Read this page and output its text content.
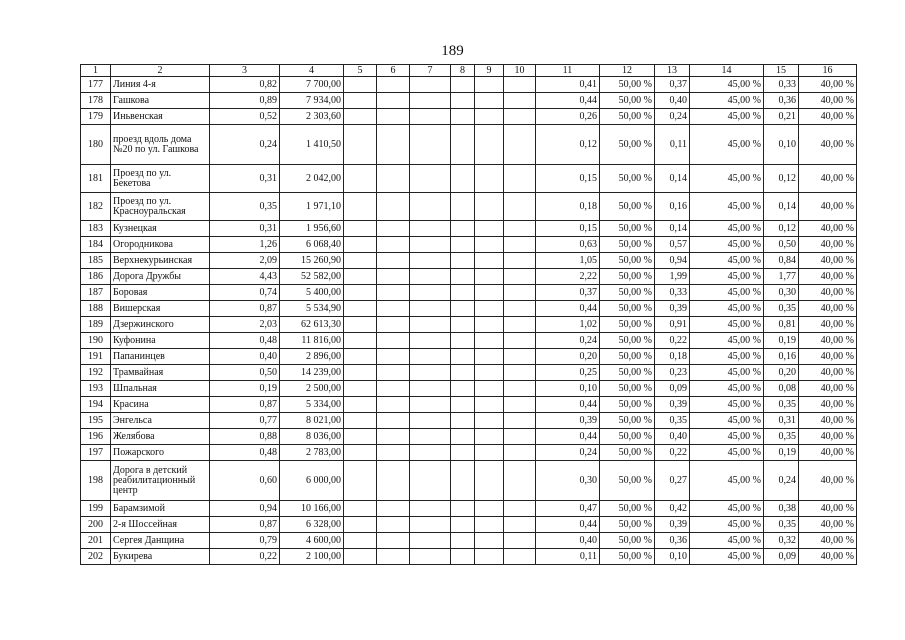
189
1	2	3	4	5	6	7	8	9	10	11	12	13	14	15	16
177	Линия 4-я	0,82	7 700,00							0,41	50,00 %	0,37	45,00 %	0,33	40,00 %
178	Гашкова	0,89	7 934,00							0,44	50,00 %	0,40	45,00 %	0,36	40,00 %
179	Иньвенская	0,52	2 303,60							0,26	50,00 %	0,24	45,00 %	0,21	40,00 %
180	проезд вдоль дома №20 по ул. Гашкова	0,24	1 410,50							0,12	50,00 %	0,11	45,00 %	0,10	40,00 %
181	Проезд по ул. Бекетова	0,31	2 042,00							0,15	50,00 %	0,14	45,00 %	0,12	40,00 %
182	Проезд по ул. Красноуральская	0,35	1 971,10							0,18	50,00 %	0,16	45,00 %	0,14	40,00 %
183	Кузнецкая	0,31	1 956,60							0,15	50,00 %	0,14	45,00 %	0,12	40,00 %
184	Огородникова	1,26	6 068,40							0,63	50,00 %	0,57	45,00 %	0,50	40,00 %
185	Верхнекурьинская	2,09	15 260,90							1,05	50,00 %	0,94	45,00 %	0,84	40,00 %
186	Дорога Дружбы	4,43	52 582,00							2,22	50,00 %	1,99	45,00 %	1,77	40,00 %
187	Боровая	0,74	5 400,00							0,37	50,00 %	0,33	45,00 %	0,30	40,00 %
188	Вишерская	0,87	5 534,90							0,44	50,00 %	0,39	45,00 %	0,35	40,00 %
189	Дзержинского	2,03	62 613,30							1,02	50,00 %	0,91	45,00 %	0,81	40,00 %
190	Куфонина	0,48	11 816,00							0,24	50,00 %	0,22	45,00 %	0,19	40,00 %
191	Папанинцев	0,40	2 896,00							0,20	50,00 %	0,18	45,00 %	0,16	40,00 %
192	Трамвайная	0,50	14 239,00							0,25	50,00 %	0,23	45,00 %	0,20	40,00 %
193	Шпальная	0,19	2 500,00							0,10	50,00 %	0,09	45,00 %	0,08	40,00 %
194	Красина	0,87	5 334,00							0,44	50,00 %	0,39	45,00 %	0,35	40,00 %
195	Энгельса	0,77	8 021,00							0,39	50,00 %	0,35	45,00 %	0,31	40,00 %
196	Желябова	0,88	8 036,00							0,44	50,00 %	0,40	45,00 %	0,35	40,00 %
197	Пожарского	0,48	2 783,00							0,24	50,00 %	0,22	45,00 %	0,19	40,00 %
198	Дорога в детский реабилитационный центр	0,60	6 000,00							0,30	50,00 %	0,27	45,00 %	0,24	40,00 %
199	Барамзимой	0,94	10 166,00							0,47	50,00 %	0,42	45,00 %	0,38	40,00 %
200	2-я Шоссейная	0,87	6 328,00							0,44	50,00 %	0,39	45,00 %	0,35	40,00 %
201	Сергея Данщина	0,79	4 600,00							0,40	50,00 %	0,36	45,00 %	0,32	40,00 %
202	Букирева	0,22	2 100,00							0,11	50,00 %	0,10	45,00 %	0,09	40,00 %
